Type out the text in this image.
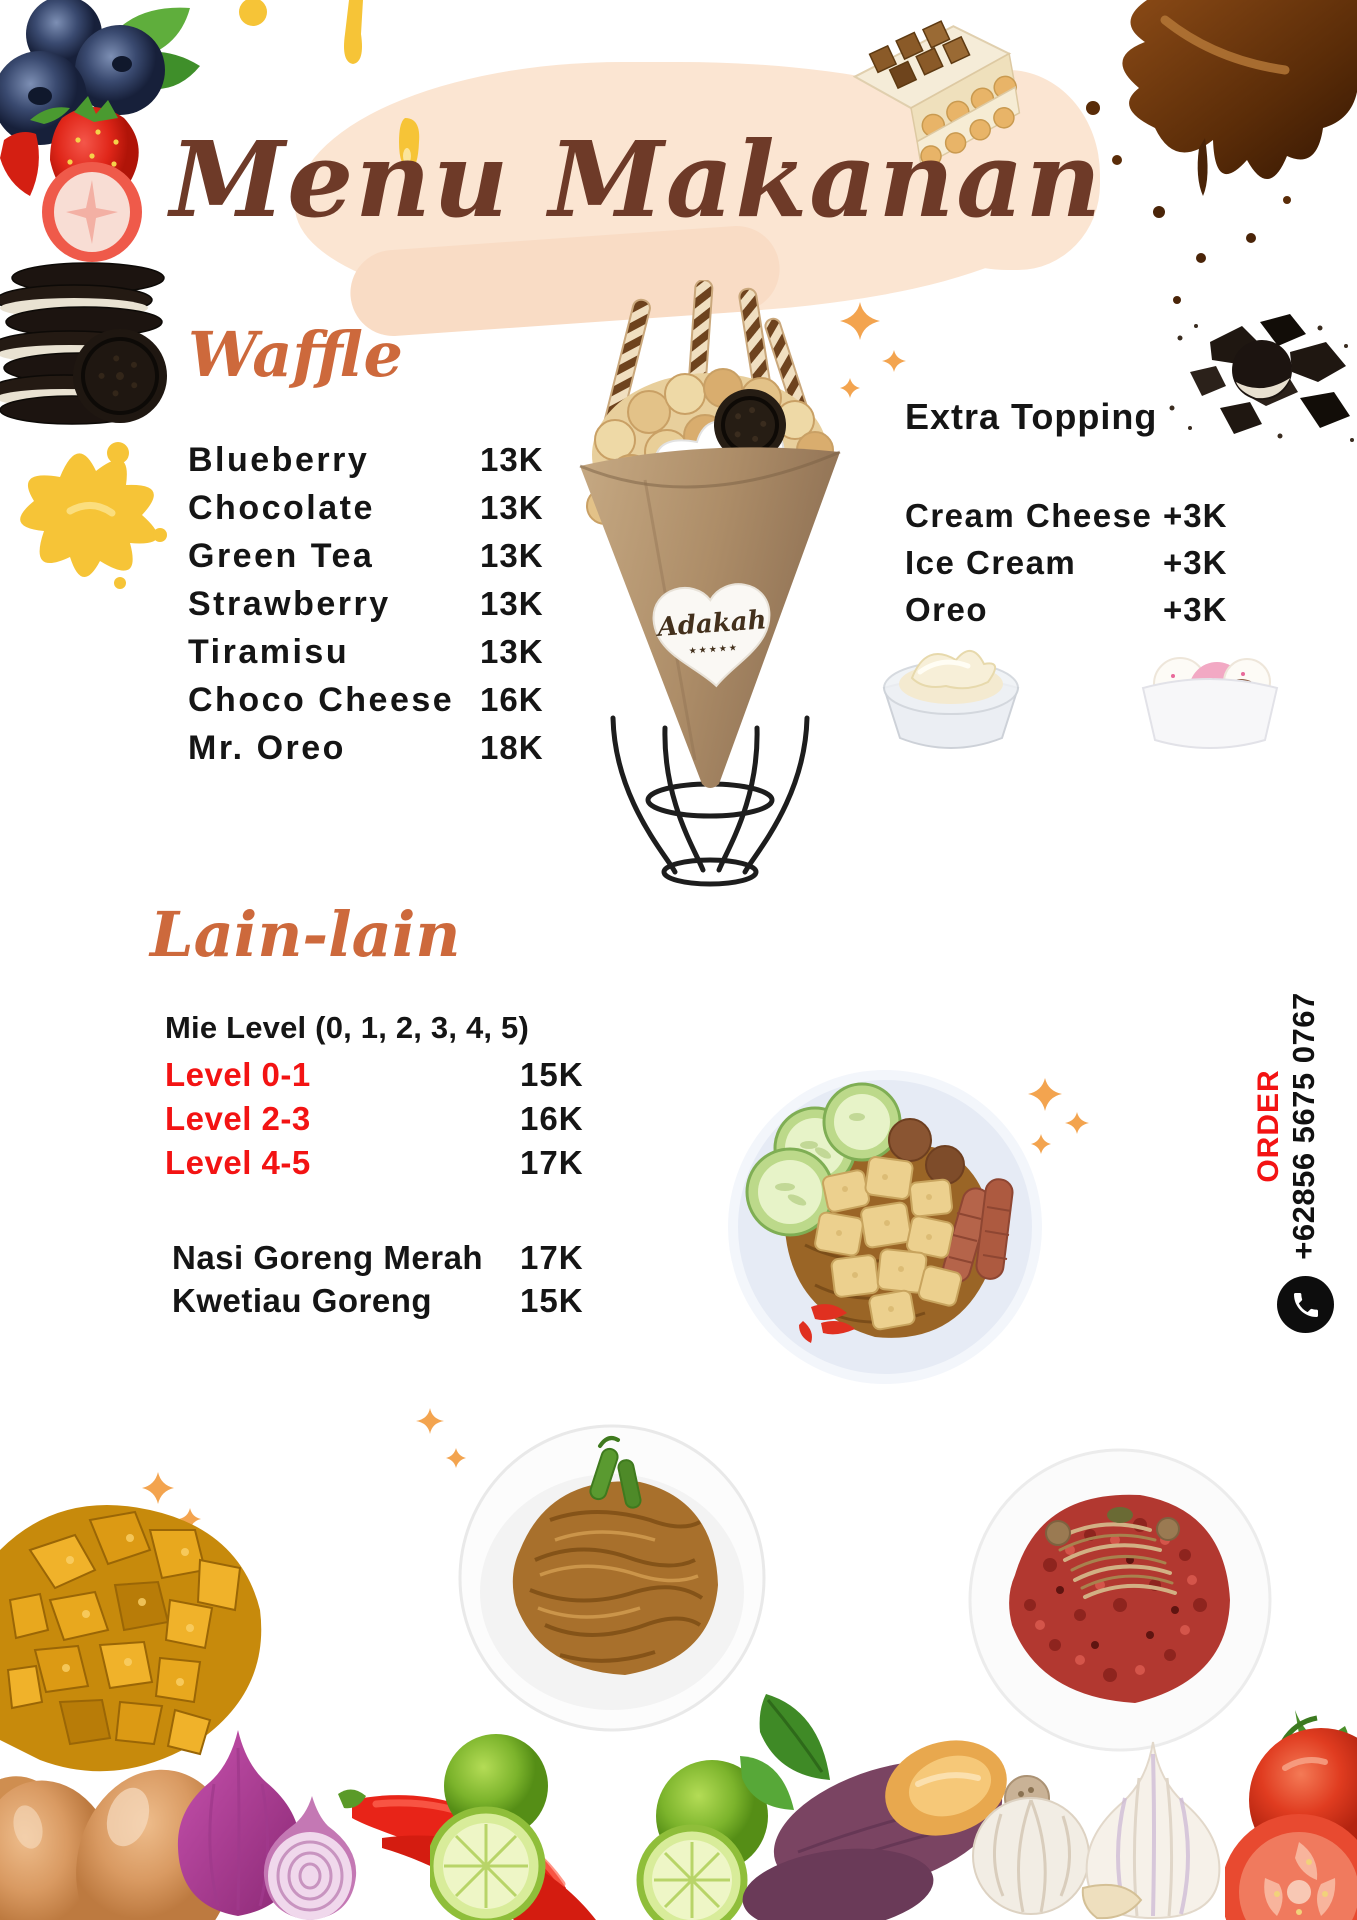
Adakah
★★★★★
Menu Makanan
Waffle
Blueberry	13K
Chocolate	13K
Green Tea	13K
Strawberry	13K
Tiramisu	13K
Choco Cheese 16K
Mr. Oreo	18K
Extra Topping
Cream Cheese +3K
Ice Cream	+3K
Oreo	+3K
Lain-lain
Mie Level (0, 1, 2, 3, 4, 5)
Level 0-1	15K
Level 2-3	16K
Level 4-5	17K
Nasi Goreng Merah	17K
Kwetiau Goreng	15K
ORDER +62856 5675 0767
